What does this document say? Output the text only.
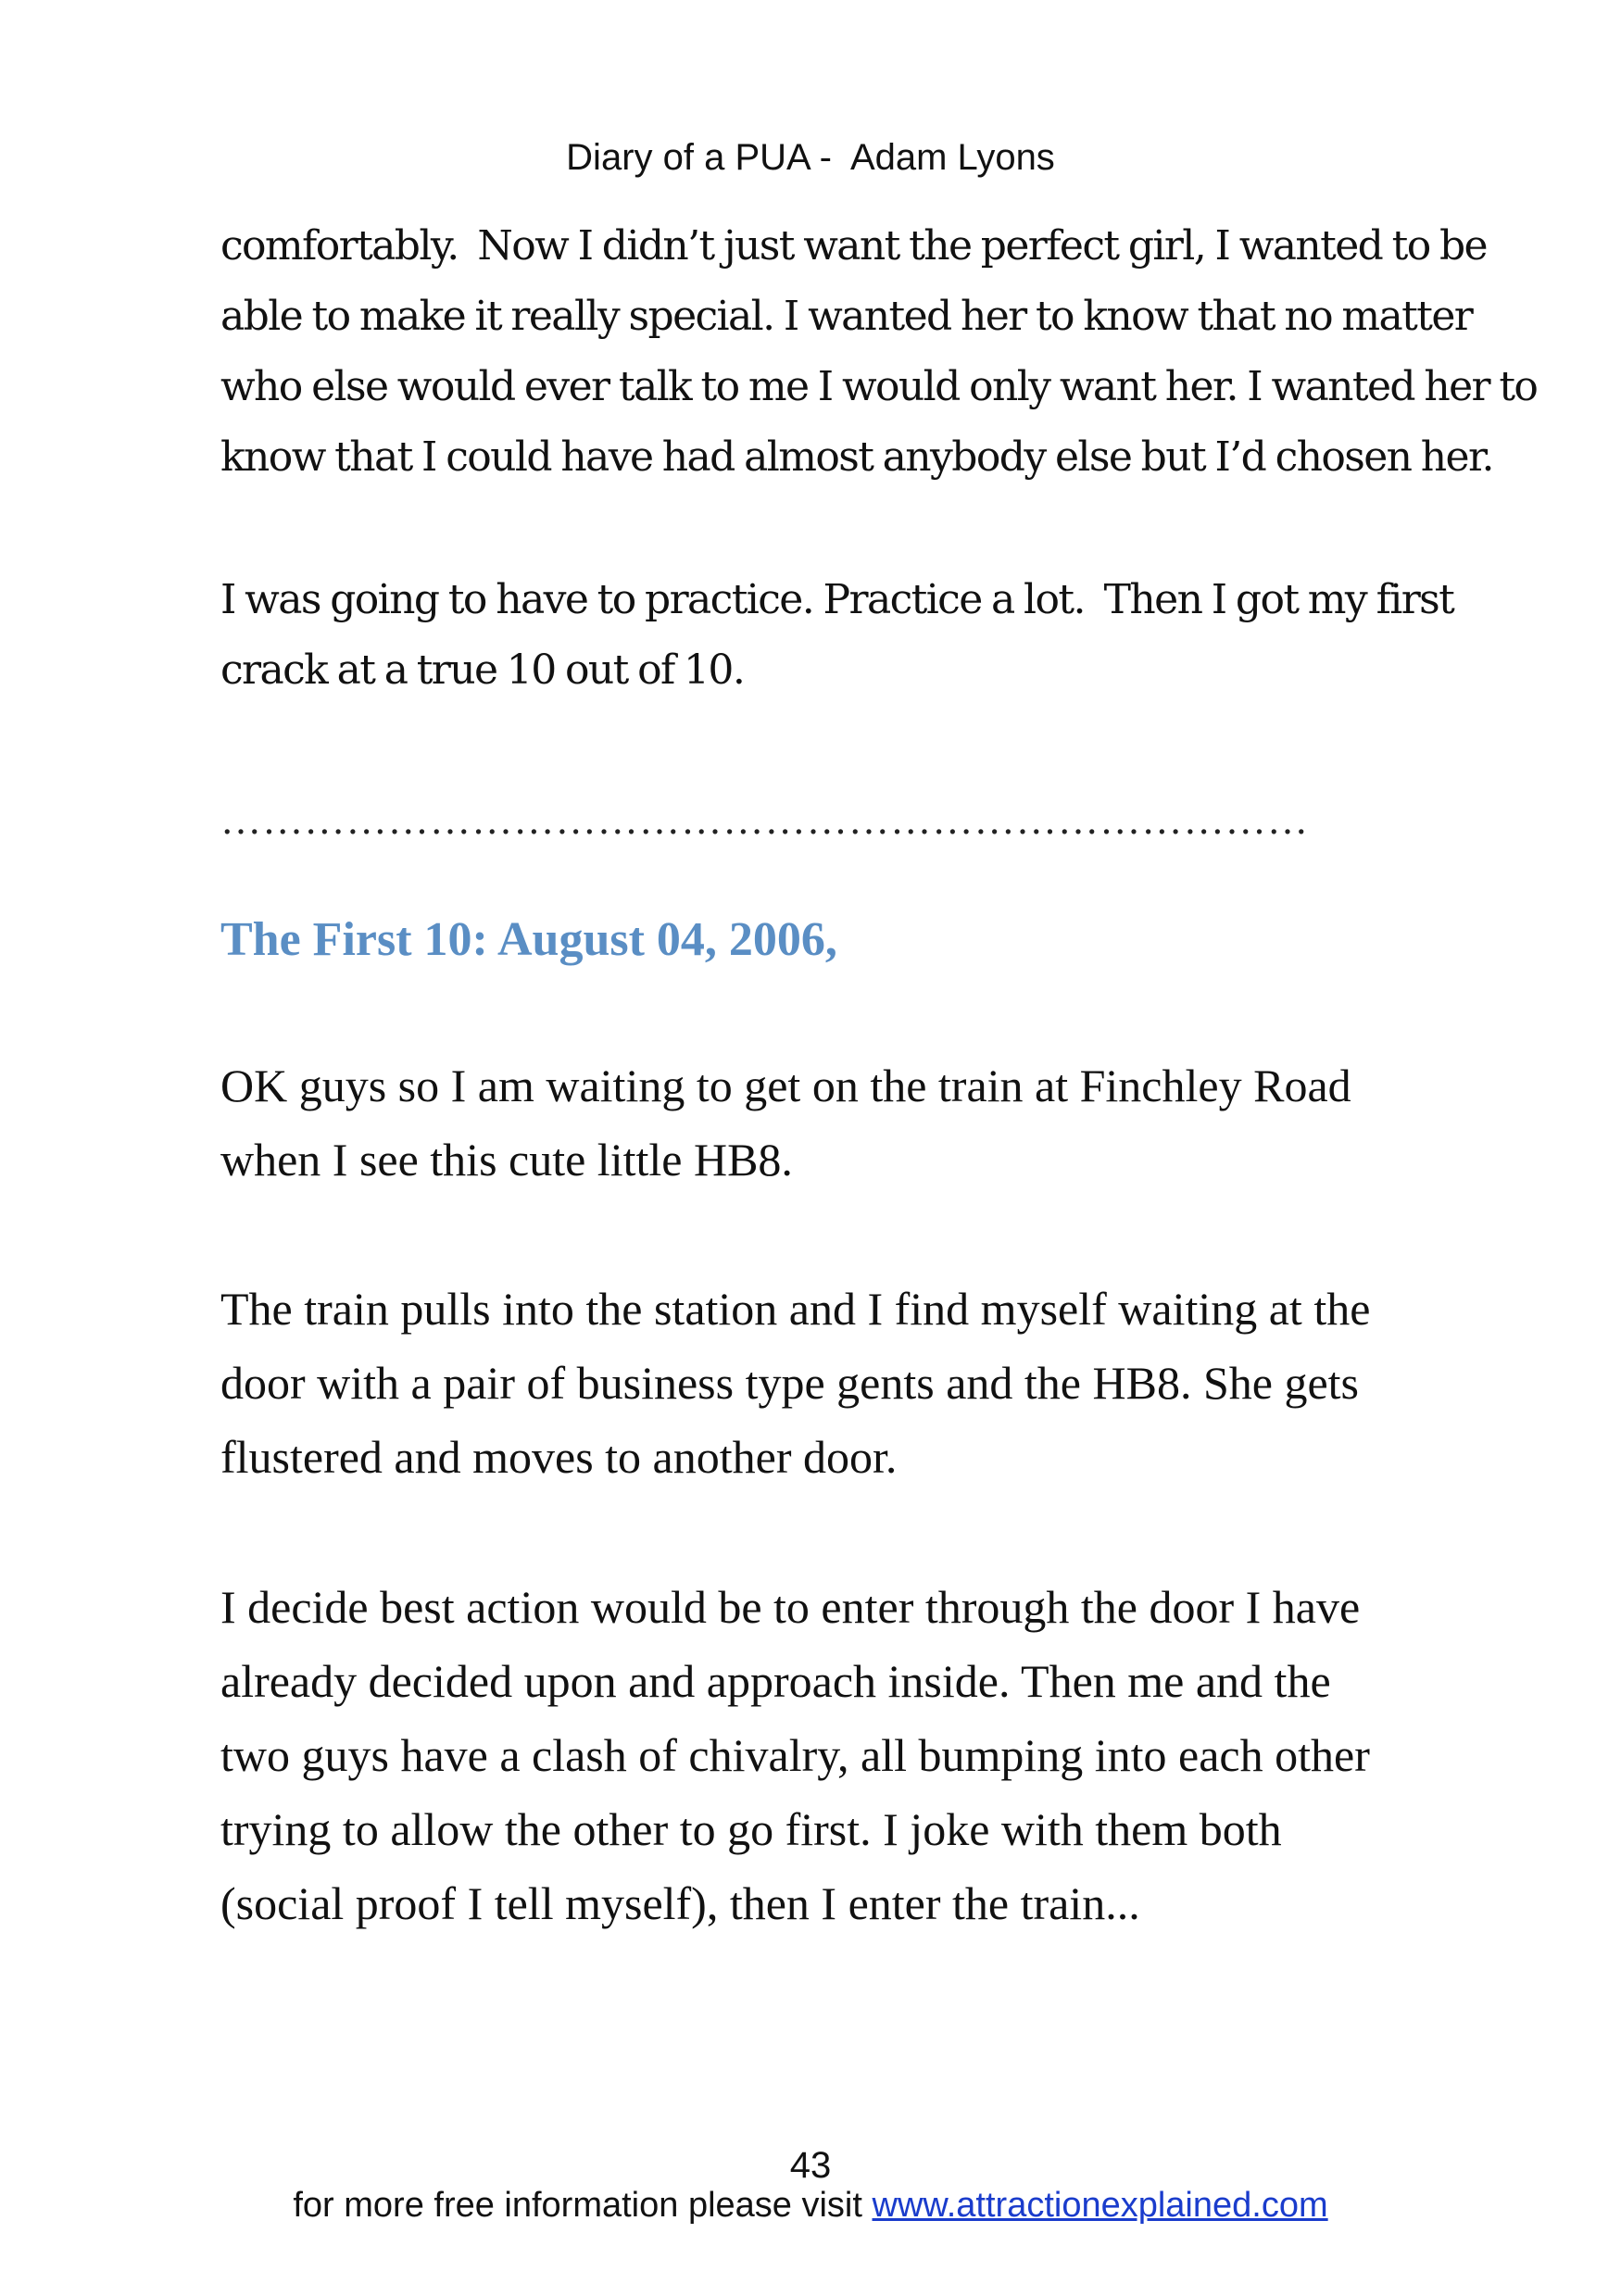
Diary of a PUA -  Adam Lyons
comfortably.  Now I didn’t just want the perfect girl, I wanted to be
able to make it really special. I wanted her to know that no matter
who else would ever talk to me I would only want her. I wanted her to
know that I could have had almost anybody else but I’d chosen her.
I was going to have to practice. Practice a lot.  Then I got my first
crack at a true 10 out of 10.
……………………………………………………………………
The First 10: August 04, 2006,
OK guys so I am waiting to get on the train at Finchley Road
when I see this cute little HB8.
The train pulls into the station and I find myself waiting at the
door with a pair of business type gents and the HB8. She gets
flustered and moves to another door.
I decide best action would be to enter through the door I have
already decided upon and approach inside. Then me and the
two guys have a clash of chivalry, all bumping into each other
trying to allow the other to go first. I joke with them both
(social proof I tell myself), then I enter the train...
43
for more free information please visit www.attractionexplained.com
